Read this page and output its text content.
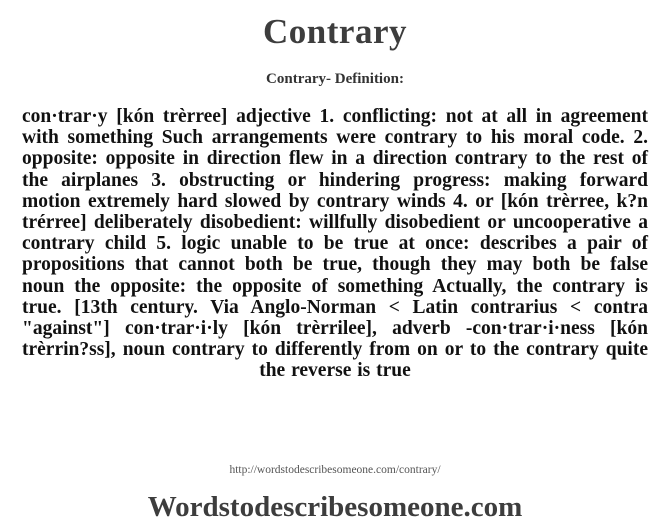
Contrary
Contrary- Definition:
con·trar·y [kón trèrree] adjective 1. conflicting: not at all in agreement with something Such arrangements were contrary to his moral code. 2. opposite: opposite in direction flew in a direction contrary to the rest of the airplanes 3. obstructing or hindering progress: making forward motion extremely hard slowed by contrary winds 4. or [kón trèrree, k?n trérree] deliberately disobedient: willfully disobedient or uncooperative a contrary child 5. logic unable to be true at once: describes a pair of propositions that cannot both be true, though they may both be false noun the opposite: the opposite of something Actually, the contrary is true. [13th century. Via Anglo-Norman < Latin contrarius < contra "against"] con·trar·i·ly [kón trèrrilee], adverb -con·trar·i·ness [kón trèrrin?ss], noun contrary to differently from on or to the contrary quite the reverse is true
http://wordstodescribesomeone.com/contrary/
Wordstodescribesomeone.com
